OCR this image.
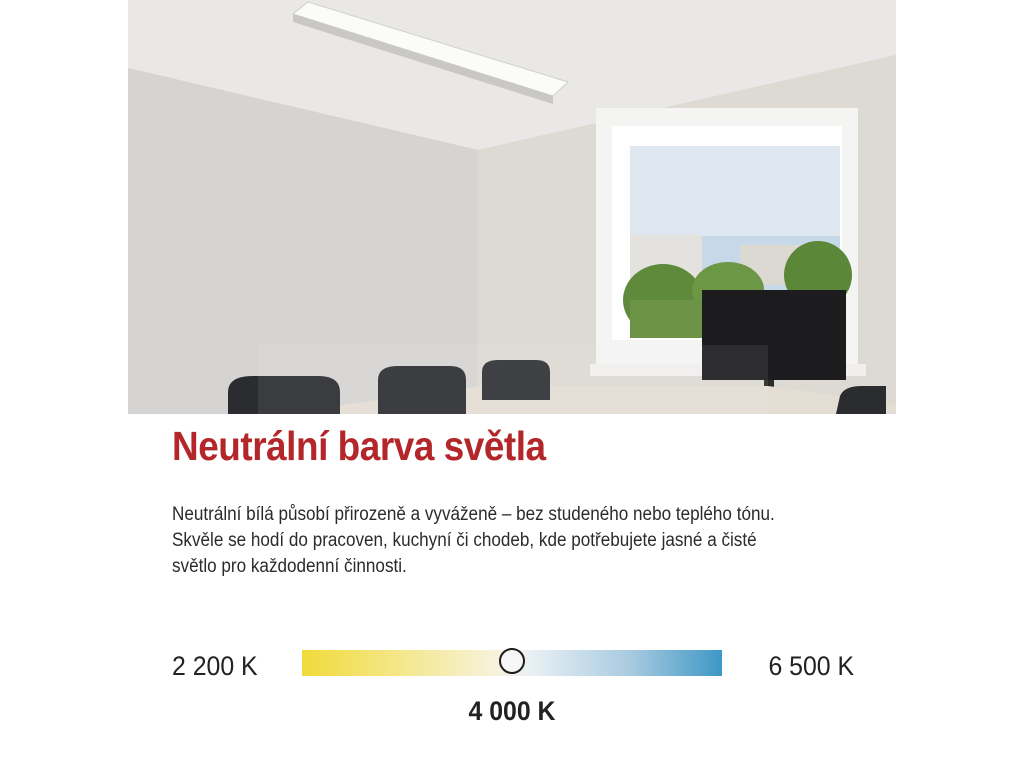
Neutrální barva světla

Neutrální bílá působí přirozeně a vyváženě – bez studeného nebo teplého tónu.
Skvěle se hodí do pracoven, kuchyní či chodeb, kde potřebujete jasné a čisté
světlo pro každodenní činnosti.

2 200 K	6 500 K
4 000 K
